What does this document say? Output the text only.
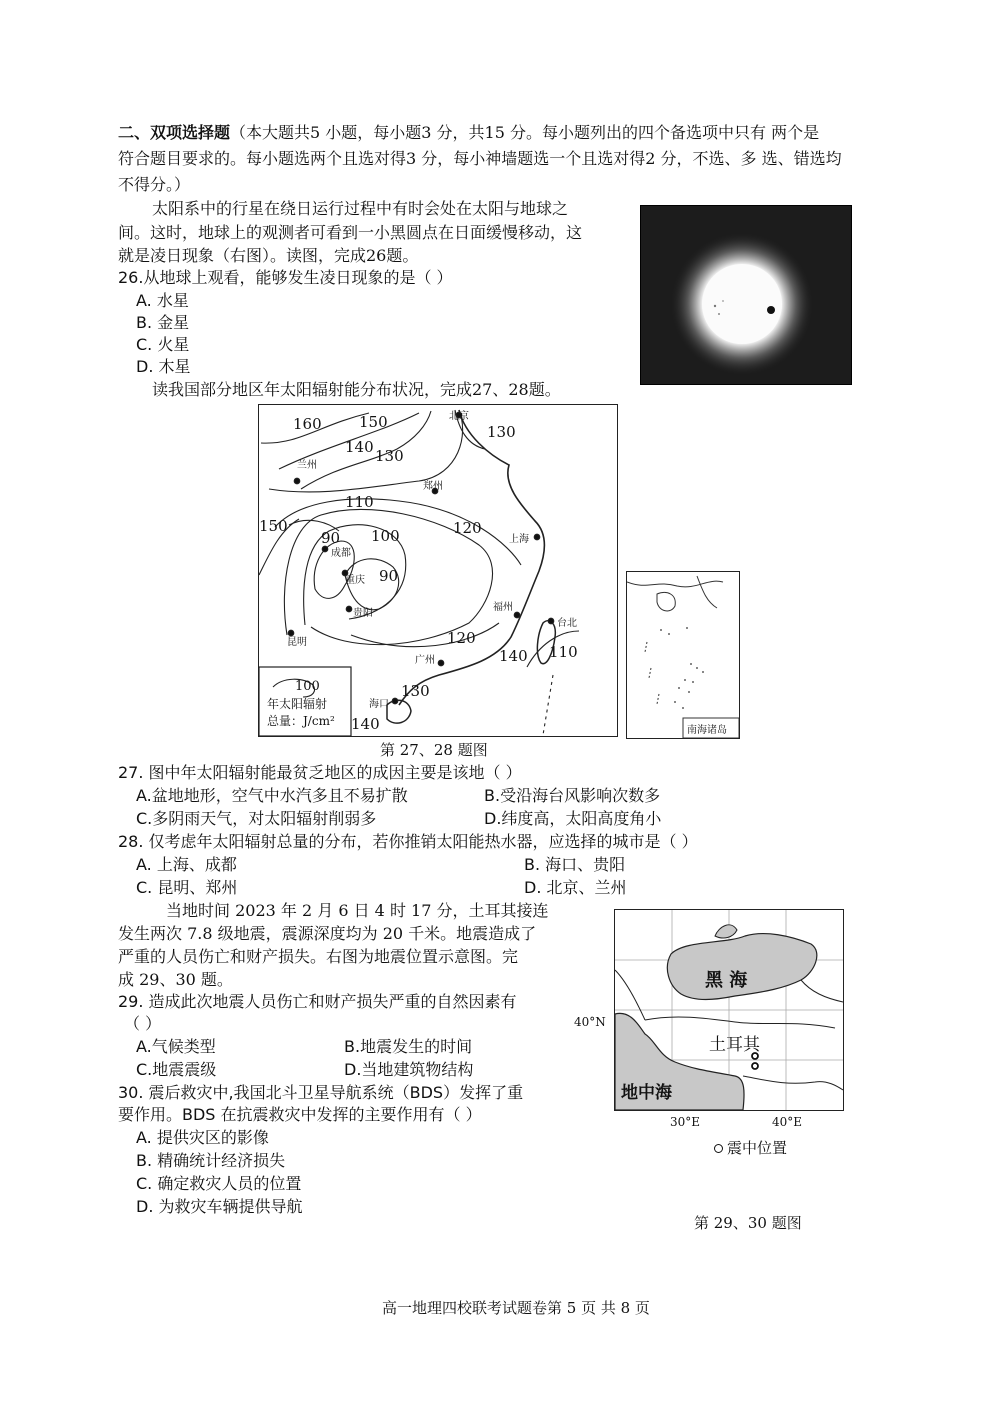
二、双项选择题（本大题共5 小题，每小题3 分，共15 分。每小题列出的四个备选项中只有 两个是
符合题目要求的。每小题选两个且选对得3 分，每小神墙题选一个且选对得2 分，不选、多 选、错选均
不得分。）
太阳系中的行星在绕日运行过程中有时会处在太阳与地球之
间。这时，地球上的观测者可看到一小黑圆点在日面缓慢移动，这
就是凌日现象（右图）。读图，完成26题。
26.从地球上观看，能够发生凌日现象的是（ ）
A. 水星
B. 金星
C. 火星
D. 木星
读我国部分地区年太阳辐射能分布状况，完成27、28题。
北京
兰州
郑州
成都
重庆
贵阳
上海
福州
台北
昆明
广州
海口
160 150
140 130
130
110
120
150
90 100
90
120
140 110
130
140
100
年太阳辐射
总量：J/cm²
南海诸岛
第 27、28 题图
27. 图中年太阳辐射能最贫乏地区的成因主要是该地（ ）
A.盆地地形，空气中水汽多且不易扩散	B.受沿海台风影响次数多
C.多阴雨天气，对太阳辐射削弱多	D.纬度高，太阳高度角小
28. 仅考虑年太阳辐射总量的分布，若你推销太阳能热水器，应选择的城市是（ ）
A. 上海、成都	B. 海口、贵阳
C. 昆明、郑州	D. 北京、兰州
当地时间 2023 年 2 月 6 日 4 时 17 分，土耳其接连
发生两次 7.8 级地震，震源深度均为 20 千米。地震造成了
严重的人员伤亡和财产损失。右图为地震位置示意图。完
成 29、30 题。
29. 造成此次地震人员伤亡和财产损失严重的自然因素有
（ ）
A.气候类型	B.地震发生的时间
C.地震震级	D.当地建筑物结构
30. 震后救灾中,我国北斗卫星导航系统（BDS）发挥了重
要作用。BDS 在抗震救灾中发挥的主要作用有（ ）
A. 提供灾区的影像
B. 精确统计经济损失
C. 确定救灾人员的位置
D. 为救灾车辆提供导航
黑 海
土耳其
地中海
40°N
30°E	40°E
震中位置
第 29、30 题图
高一地理四校联考试题卷第 5 页 共 8 页
